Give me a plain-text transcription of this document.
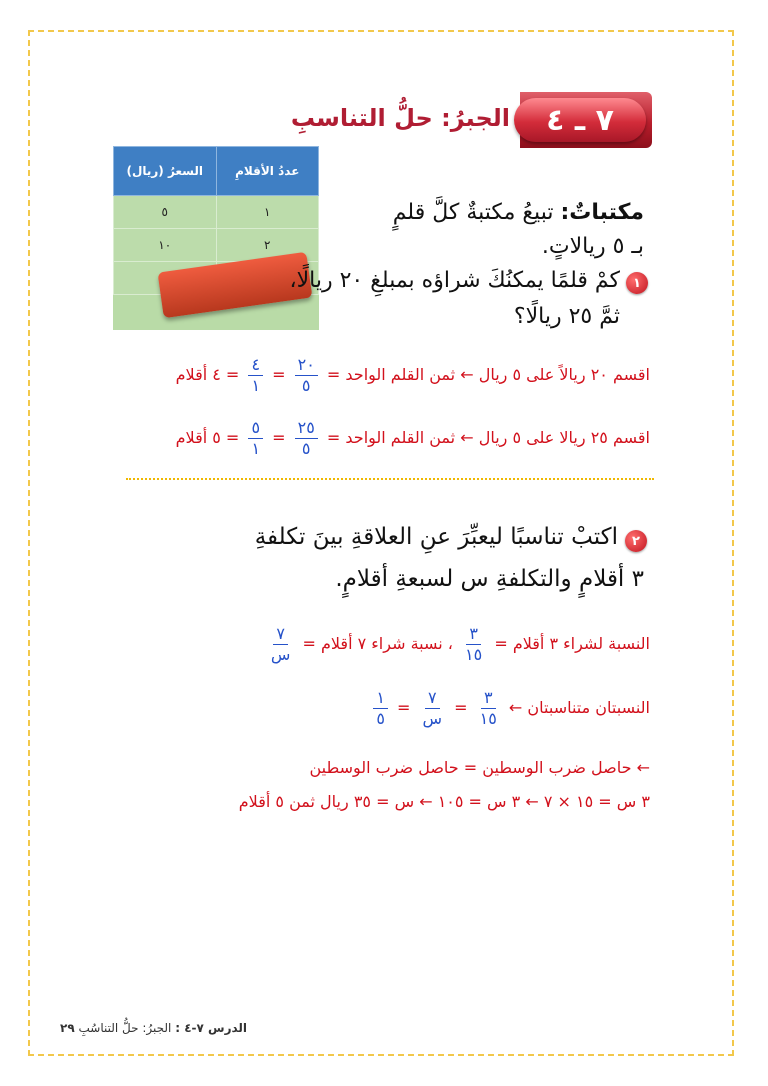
٧ ـ ٤
الجبرُ: حلُّ التناسبِ
عددُ الأقلامِ	السعرُ (ريال)
١	٥
٢	١٠

مكتباتٌ: تبيعُ مكتبةٌ كلَّ قلمٍ
بـ ٥ ريالاتٍ.
١
كمْ قلمًا يمكنُكَ شراؤه بمبلغِ ٢٠ ريالًا،
ثمَّ ٢٥ ريالًا؟
اقسم ٢٠ ريالاً على ٥ ريال ← ثمن القلم الواحد =
$\frac{٢٠}{٥}$
=
$\frac{٤}{١}$
= ٤ أقلام
اقسم ٢٥ ريالا على ٥ ريال ← ثمن القلم الواحد =
$\frac{٢٥}{٥}$
=
$\frac{٥}{١}$
= ٥ أقلام
٢
اكتبْ تناسبًا ليعبِّرَ عنِ العلاقةِ بينَ تكلفةِ
٣ أقلامٍ والتكلفةِ س لسبعةِ أقلامٍ.
النسبة لشراء ٣ أقلام =
$\frac{٣}{١٥}$
، نسبة شراء ٧ أقلام =
$\frac{٧}{\text{س}}$
النسبتان متناسبتان ←
$\frac{٣}{١٥}$
=
$\frac{٧}{\text{س}}$
=
$\frac{١}{٥}$
← حاصل ضرب الوسطين = حاصل ضرب الوسطين
٣ س = ١٥ × ٧ ← ٣ س = ١٠٥ ← س = ٣٥ ريال ثمن ٥ أقلام
الدرس ٧-٤ : الجبرُ: حلُّ التناسُبِ ٢٩
